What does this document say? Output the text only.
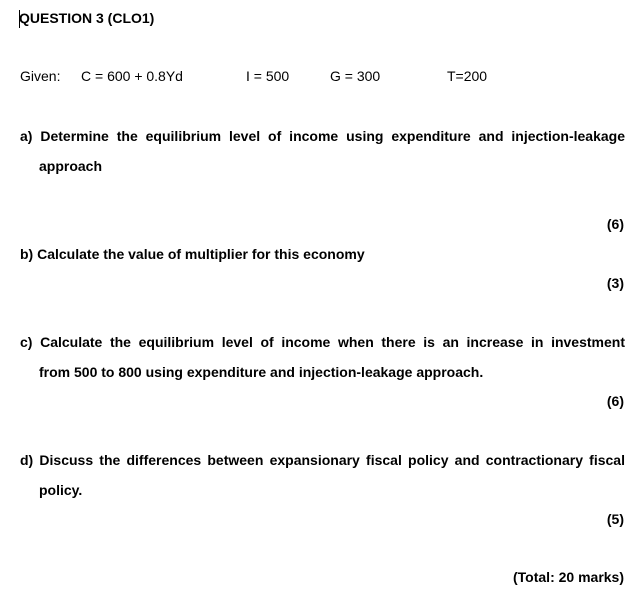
QUESTION 3 (CLO1)
Given: C = 600 + 0.8Yd	I = 500	G = 300	T=200
a) Determine the equilibrium level of income using expenditure and injection-leakage
approach
(6)
b) Calculate the value of multiplier for this economy
(3)
c) Calculate the equilibrium level of income when there is an increase in investment
from 500 to 800 using expenditure and injection-leakage approach.
(6)
d) Discuss the differences between expansionary fiscal policy and contractionary fiscal
policy.
(5)
(Total: 20 marks)
